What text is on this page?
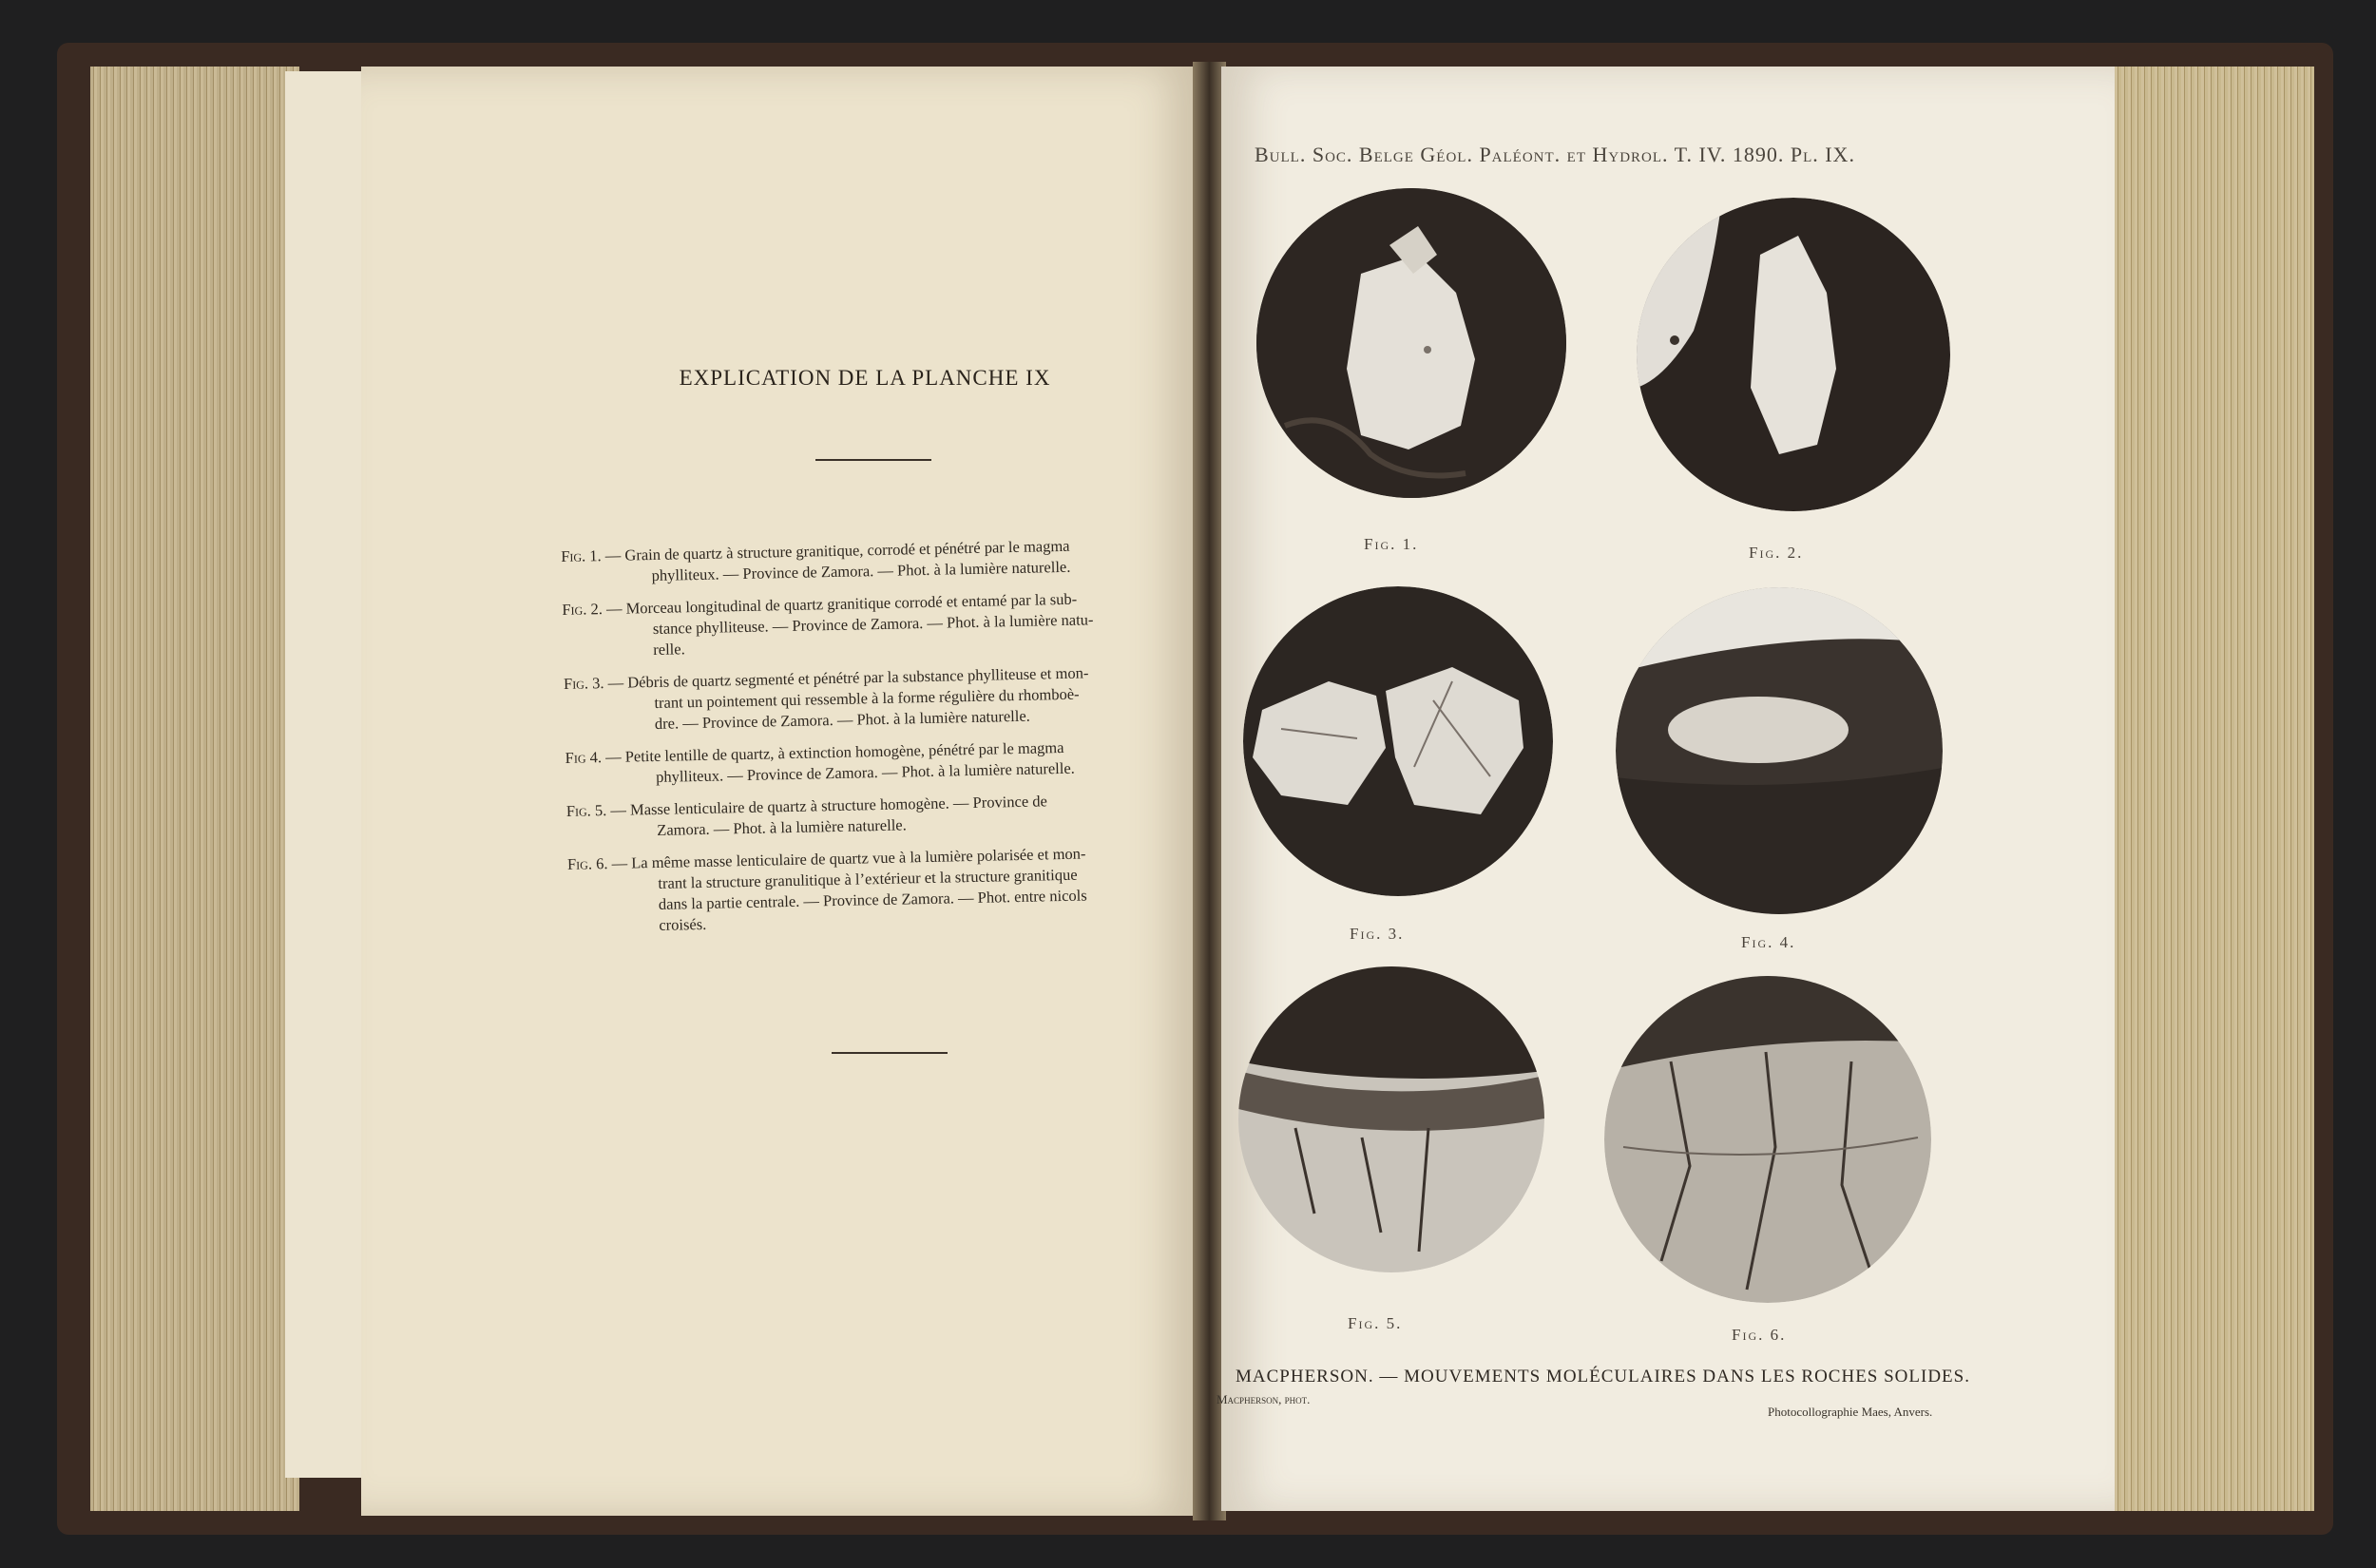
EXPLICATION DE LA PLANCHE IX
Fig. 1. — Grain de quartz à structure granitique, corrodé et pénétré par le magma
phylliteux. — Province de Zamora. — Phot. à la lumière naturelle.
Fig. 2. — Morceau longitudinal de quartz granitique corrodé et entamé par la sub-
stance phylliteuse. — Province de Zamora. — Phot. à la lumière natu-
relle.
Fig. 3. — Débris de quartz segmenté et pénétré par la substance phylliteuse et mon-
trant un pointement qui ressemble à la forme régulière du rhomboè-
dre. — Province de Zamora. — Phot. à la lumière naturelle.
Fig 4. — Petite lentille de quartz, à extinction homogène, pénétré par le magma
phylliteux. — Province de Zamora. — Phot. à la lumière naturelle.
Fig. 5. — Masse lenticulaire de quartz à structure homogène. — Province de
Zamora. — Phot. à la lumière naturelle.
Fig. 6. — La même masse lenticulaire de quartz vue à la lumière polarisée et mon-
trant la structure granulitique à l’extérieur et la structure granitique
dans la partie centrale. — Province de Zamora. — Phot. entre nicols
croisés.
Bull. Soc. Belge Géol. Paléont. et Hydrol. T. IV. 1890. Pl. IX.
Fig. 1.	Fig. 2.
Fig. 3.	Fig. 4.
Fig. 5.
Fig. 6.
MACPHERSON. — MOUVEMENTS MOLÉCULAIRES DANS LES ROCHES SOLIDES.
Macpherson, phot.
Photocollographie Maes, Anvers.
